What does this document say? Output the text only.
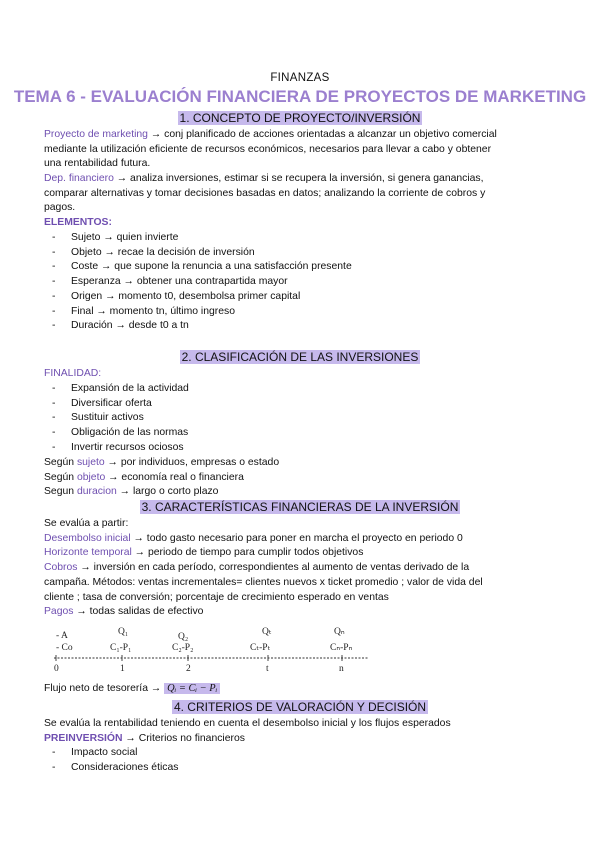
FINANZAS
TEMA 6 - EVALUACIÓN FINANCIERA DE PROYECTOS DE MARKETING
1. CONCEPTO DE PROYECTO/INVERSIÓN
Proyecto de marketing → conj planificado de acciones orientadas a alcanzar un objetivo comercial
mediante la utilización eficiente de recursos económicos, necesarios para llevar a cabo y obtener
una rentabilidad futura.
Dep. financiero → analiza inversiones, estimar si se recupera la inversión, si genera ganancias,
comparar alternativas y tomar decisiones basadas en datos; analizando la corriente de cobros y
pagos.
ELEMENTOS:
- Sujeto → quien invierte
- Objeto → recae la decisión de inversión
- Coste → que supone la renuncia a una satisfacción presente
- Esperanza → obtener una contrapartida mayor
- Origen → momento t0, desembolsa primer capital
- Final → momento tn, último ingreso
- Duración → desde t0 a tn
2. CLASIFICACIÓN DE LAS INVERSIONES
FINALIDAD:
- Expansión de la actividad
- Diversificar oferta
- Sustituir activos
- Obligación de las normas
- Invertir recursos ociosos
Según sujeto → por individuos, empresas o estado
Según objeto → economía real o financiera
Segun duracion → largo o corto plazo
3. CARACTERÍSTICAS FINANCIERAS DE LA INVERSIÓN
Se evalúa a partir:
Desembolso inicial → todo gasto necesario para poner en marcha el proyecto en periodo 0
Horizonte temporal → periodo de tiempo para cumplir todos objetivos
Cobros → inversión en cada período, correspondientes al aumento de ventas derivado de la
campaña. Métodos: ventas incrementales= clientes nuevos x ticket promedio ; valor de vida del
cliente ; tasa de conversión; porcentaje de crecimiento esperado en ventas
Pagos → todas salidas de efectivo
- A
- Co
Q₁	Q₂	Qₜ	Qₙ
C₁-P₁	C₂-P₂	Cₜ-Pₜ	Cₙ-Pₙ
0	1	2	t	n
Flujo neto de tesorería → Qᵢ = Cᵢ − Pᵢ
4. CRITERIOS DE VALORACIÓN Y DECISIÓN
Se evalúa la rentabilidad teniendo en cuenta el desembolso inicial y los flujos esperados
PREINVERSIÓN → Criterios no financieros
- Impacto social
- Consideraciones éticas
